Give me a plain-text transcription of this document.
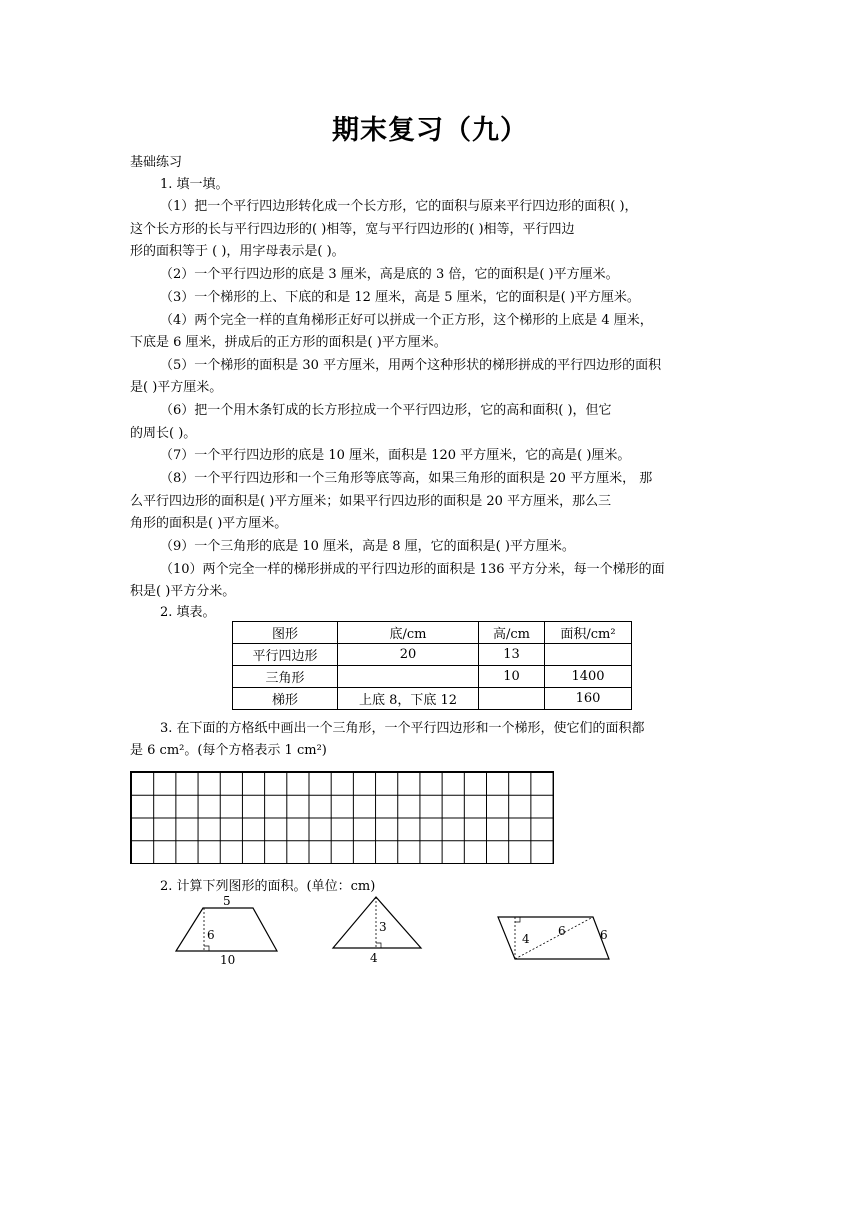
期末复习（九）
基础练习
1. 填一填。
（1）把一个平行四边形转化成一个长方形，它的面积与原来平行四边形的面积( )，
这个长方形的长与平行四边形的( )相等，宽与平行四边形的( )相等，平行四边
形的面积等于 ( )，用字母表示是( )。
（2）一个平行四边形的底是 3 厘米，高是底的 3 倍，它的面积是( )平方厘米。
（3）一个梯形的上、下底的和是 12 厘米，高是 5 厘米，它的面积是( )平方厘米。
（4）两个完全一样的直角梯形正好可以拼成一个正方形，这个梯形的上底是 4 厘米，
下底是 6 厘米，拼成后的正方形的面积是( )平方厘米。
（5）一个梯形的面积是 30 平方厘米，用两个这种形状的梯形拼成的平行四边形的面积
是( )平方厘米。
（6）把一个用木条钉成的长方形拉成一个平行四边形，它的高和面积( )，但它
的周长( )。
（7）一个平行四边形的底是 10 厘米，面积是 120 平方厘米，它的高是( )厘米。
（8）一个平行四边形和一个三角形等底等高，如果三角形的面积是 20 平方厘米， 那
么平行四边形的面积是( )平方厘米；如果平行四边形的面积是 20 平方厘米，那么三
角形的面积是( )平方厘米。
（9）一个三角形的底是 10 厘米，高是 8 厘，它的面积是( )平方厘米。
（10）两个完全一样的梯形拼成的平行四边形的面积是 136 平方分米，每一个梯形的面
积是( )平方分米。
2. 填表。
图形	底/cm	高/cm	面积/cm²
平行四边形	20	13	
三角形		10	1400
梯形	上底 8，下底 12		160
3. 在下面的方格纸中画出一个三角形，一个平行四边形和一个梯形，使它们的面积都
是 6 cm²。(每个方格表示 1 cm²)
2. 计算下列图形的面积。(单位：cm)
5
6
10
3
4
4
6	6
